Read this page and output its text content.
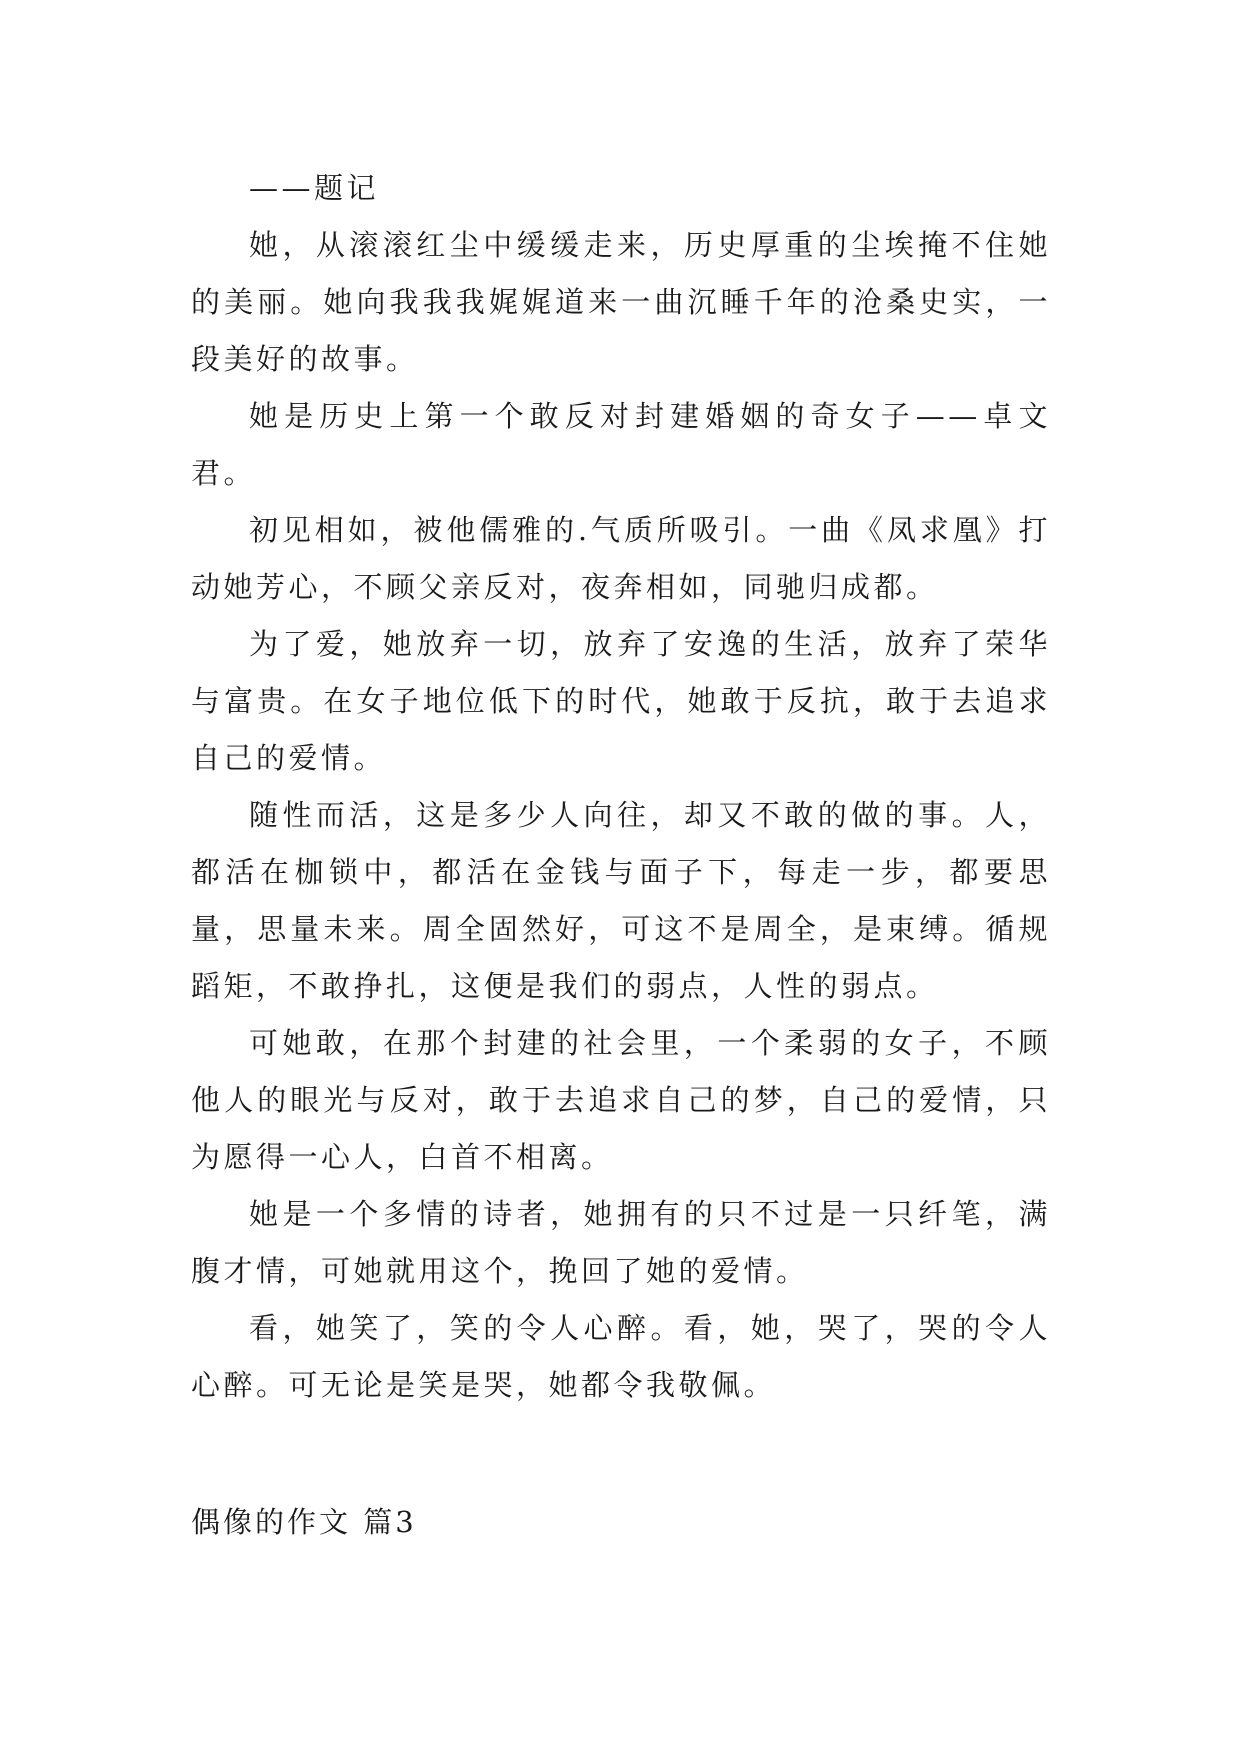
——题记

她，从滚滚红尘中缓缓走来，历史厚重的尘埃掩不住她的美丽。她向我我我娓娓道来一曲沉睡千年的沧桑史实，一段美好的故事。

她是历史上第一个敢反对封建婚姻的奇女子——卓文君。

初见相如，被他儒雅的.气质所吸引。一曲《凤求凰》打动她芳心，不顾父亲反对，夜奔相如，同驰归成都。

为了爱，她放弃一切，放弃了安逸的生活，放弃了荣华与富贵。在女子地位低下的时代，她敢于反抗，敢于去追求自己的爱情。

随性而活，这是多少人向往，却又不敢的做的事。人，都活在枷锁中，都活在金钱与面子下，每走一步，都要思量，思量未来。周全固然好，可这不是周全，是束缚。循规蹈矩，不敢挣扎，这便是我们的弱点，人性的弱点。

可她敢，在那个封建的社会里，一个柔弱的女子，不顾他人的眼光与反对，敢于去追求自己的梦，自己的爱情，只为愿得一心人，白首不相离。

她是一个多情的诗者，她拥有的只不过是一只纤笔，满腹才情，可她就用这个，挽回了她的爱情。

看，她笑了，笑的令人心醉。看，她，哭了，哭的令人心醉。可无论是笑是哭，她都令我敬佩。

偶像的作文 篇3
